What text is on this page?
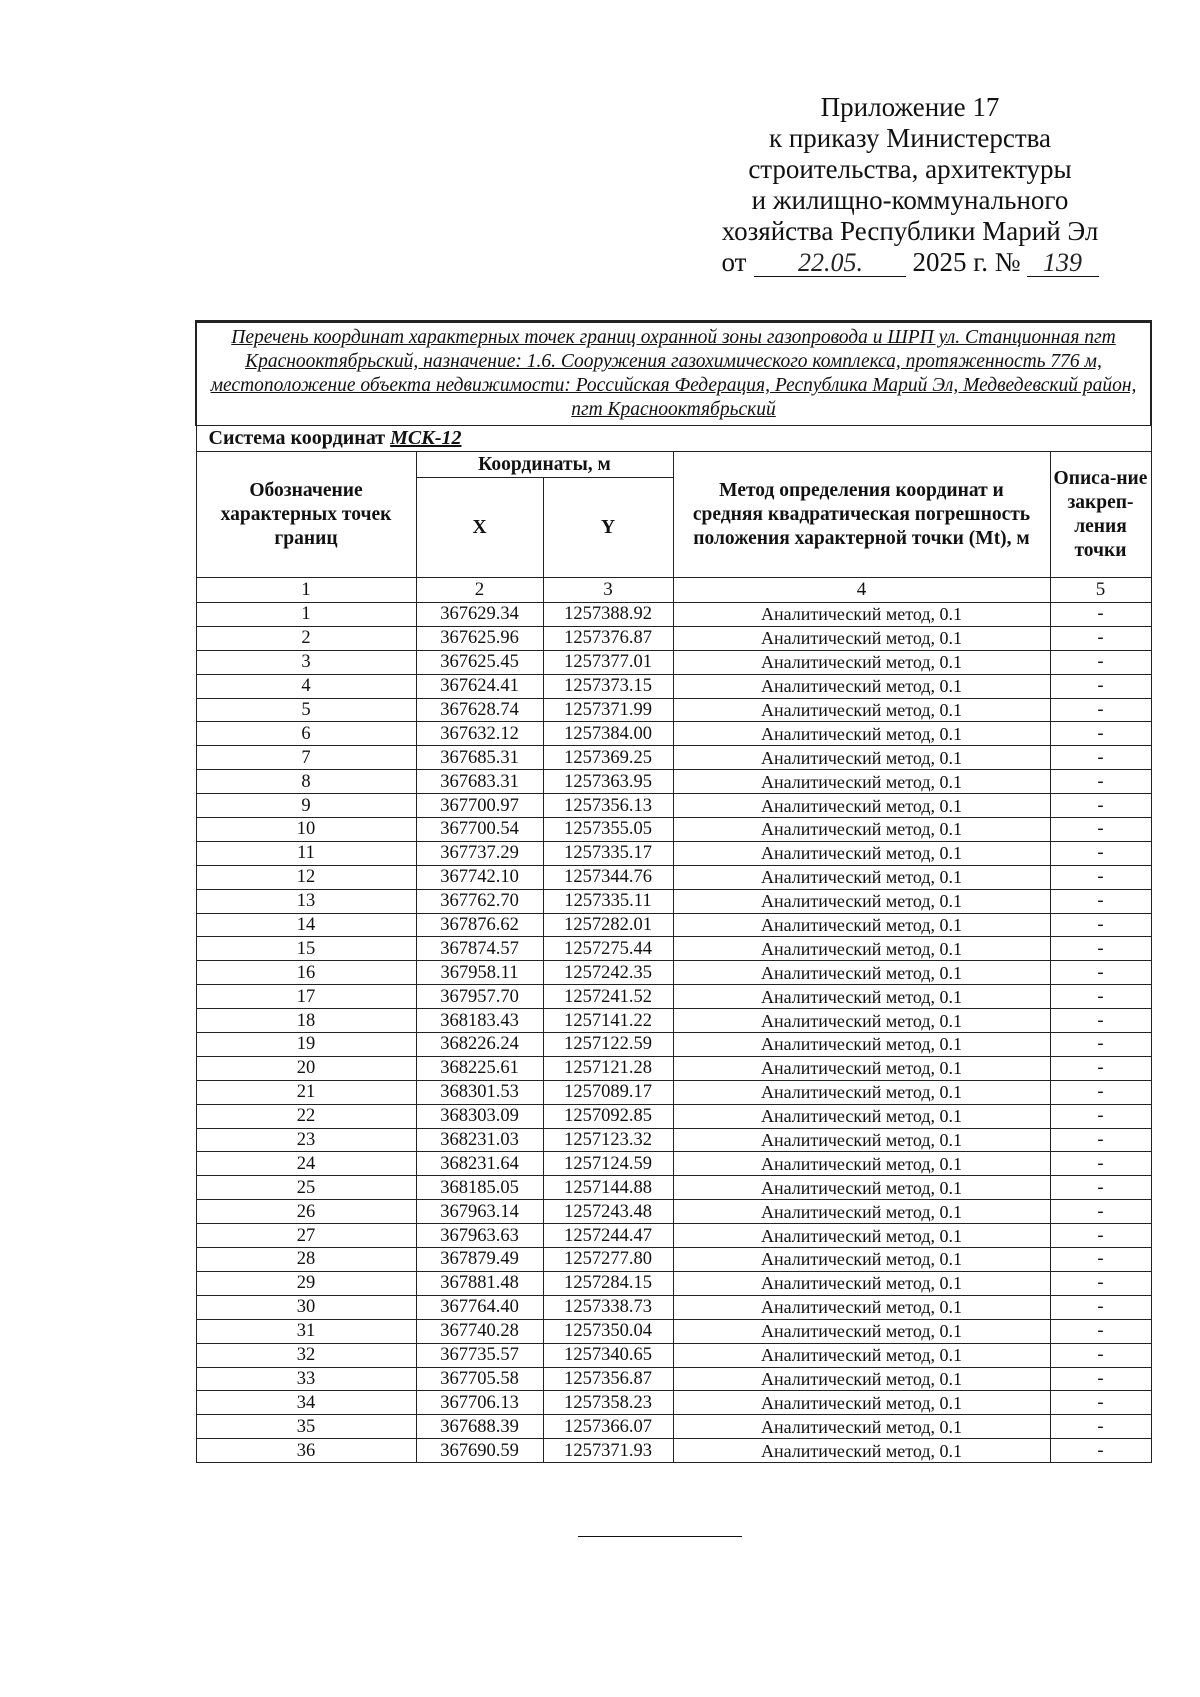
Приложение 17
к приказу Министерства
строительства, архитектуры
и жилищно-коммунального
хозяйства Республики Марий Эл
от	22.05.	2025 г. № 139
Перечень координат характерных точек границ охранной зоны газопровода и ШРП ул. Станционная пгт Краснооктябрьский, назначение: 1.6. Сооружения газохимического комплекса, протяженность 776 м, местоположение объекта недвижимости: Российская Федерация, Республика Марий Эл, Медведевский район, пгт Краснооктябрьский				
Система координат МСК-12				
Обозначение характерных точек границ	Координаты, м		Метод определения координат и средняя квадратическая погрешность положения характерной точки (Mt), м	Описа-ние закреп-ления точки
	X	Y		
1	2	3	4	5
1	367629.34	1257388.92	Аналитический метод, 0.1	-
2	367625.96	1257376.87	Аналитический метод, 0.1	-
3	367625.45	1257377.01	Аналитический метод, 0.1	-
4	367624.41	1257373.15	Аналитический метод, 0.1	-
5	367628.74	1257371.99	Аналитический метод, 0.1	-
6	367632.12	1257384.00	Аналитический метод, 0.1	-
7	367685.31	1257369.25	Аналитический метод, 0.1	-
8	367683.31	1257363.95	Аналитический метод, 0.1	-
9	367700.97	1257356.13	Аналитический метод, 0.1	-
10	367700.54	1257355.05	Аналитический метод, 0.1	-
11	367737.29	1257335.17	Аналитический метод, 0.1	-
12	367742.10	1257344.76	Аналитический метод, 0.1	-
13	367762.70	1257335.11	Аналитический метод, 0.1	-
14	367876.62	1257282.01	Аналитический метод, 0.1	-
15	367874.57	1257275.44	Аналитический метод, 0.1	-
16	367958.11	1257242.35	Аналитический метод, 0.1	-
17	367957.70	1257241.52	Аналитический метод, 0.1	-
18	368183.43	1257141.22	Аналитический метод, 0.1	-
19	368226.24	1257122.59	Аналитический метод, 0.1	-
20	368225.61	1257121.28	Аналитический метод, 0.1	-
21	368301.53	1257089.17	Аналитический метод, 0.1	-
22	368303.09	1257092.85	Аналитический метод, 0.1	-
23	368231.03	1257123.32	Аналитический метод, 0.1	-
24	368231.64	1257124.59	Аналитический метод, 0.1	-
25	368185.05	1257144.88	Аналитический метод, 0.1	-
26	367963.14	1257243.48	Аналитический метод, 0.1	-
27	367963.63	1257244.47	Аналитический метод, 0.1	-
28	367879.49	1257277.80	Аналитический метод, 0.1	-
29	367881.48	1257284.15	Аналитический метод, 0.1	-
30	367764.40	1257338.73	Аналитический метод, 0.1	-
31	367740.28	1257350.04	Аналитический метод, 0.1	-
32	367735.57	1257340.65	Аналитический метод, 0.1	-
33	367705.58	1257356.87	Аналитический метод, 0.1	-
34	367706.13	1257358.23	Аналитический метод, 0.1	-
35	367688.39	1257366.07	Аналитический метод, 0.1	-
36	367690.59	1257371.93	Аналитический метод, 0.1	-
